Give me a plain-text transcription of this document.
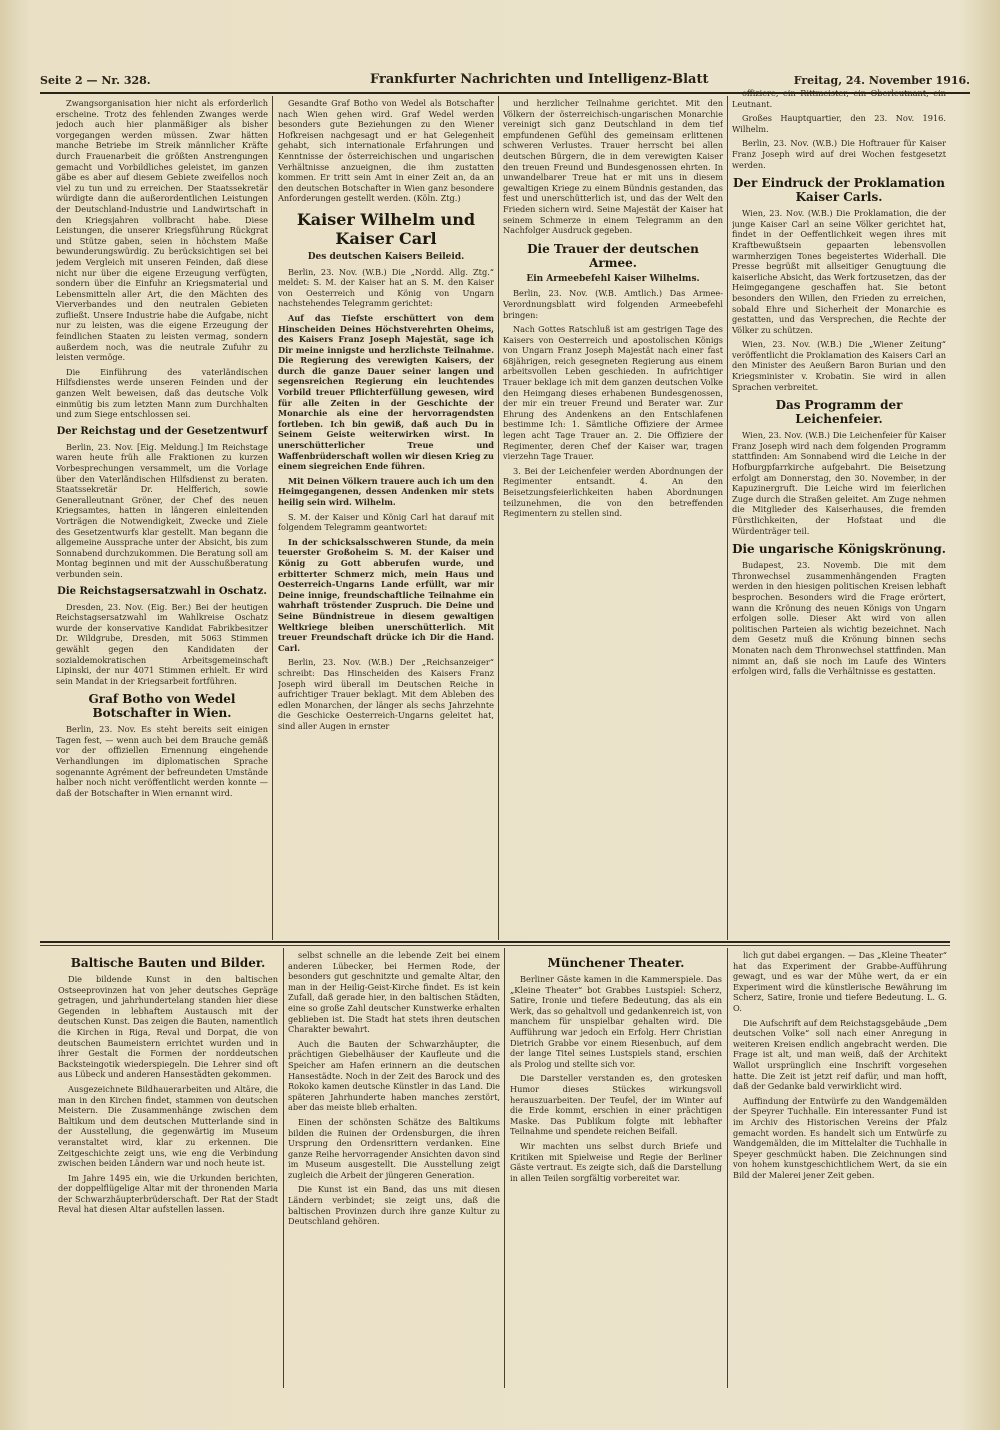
Seite 2 — Nr. 328.	Frankfurter Nachrichten und Intelligenz-Blatt	Freitag, 24. November 1916.

Zwangsorganisation hier nicht als erforderlich erscheine. Trotz des fehlenden Zwanges werde jedoch auch hier planmäßiger als bisher vorgegangen werden müssen. Zwar hätten manche Betriebe im Streik männlicher Kräfte durch Frauenarbeit die größten Anstrengungen gemacht und Vorbildliches geleistet, im ganzen gäbe es aber auf diesem Gebiete zweifellos noch viel zu tun und zu erreichen. Der Staatssekretär würdigte dann die außerordentlichen Leistungen der Deutschland-Industrie und Landwirtschaft in den Kriegsjahren vollbracht habe. Diese Leistungen, die unserer Kriegsführung Rückgrat und Stütze gaben, seien in höchstem Maße bewunderungswürdig. Zu berücksichtigen sei bei jedem Vergleich mit unseren Feinden, daß diese nicht nur über die eigene Erzeugung verfügten, sondern über die Einfuhr an Kriegsmaterial und Lebensmitteln aller Art, die den Mächten des Vierverbandes und den neutralen Gebieten zufließt. Unsere Industrie habe die Aufgabe, nicht nur zu leisten, was die eigene Erzeugung der feindlichen Staaten zu leisten vermag, sondern außerdem noch, was die neutrale Zufuhr zu leisten vermöge.

Die Einführung des vaterländischen Hilfsdienstes werde unseren Feinden und der ganzen Welt beweisen, daß das deutsche Volk einmütig bis zum letzten Mann zum Durchhalten und zum Siege entschlossen sei.

Der Reichstag und der Gesetzentwurf

Berlin, 23. Nov. [Eig. Meldung.] Im Reichstage waren heute früh alle Fraktionen zu kurzen Vorbesprechungen versammelt, um die Vorlage über den Vaterländischen Hilfsdienst zu beraten. Staatssekretär Dr. Helfferich, sowie Generalleutnant Gröner, der Chef des neuen Kriegsamtes, hatten in längeren einleitenden Vorträgen die Notwendigkeit, Zwecke und Ziele des Gesetzentwurfs klar gestellt. Man begann die allgemeine Aussprache unter der Absicht, bis zum Sonnabend durchzukommen. Die Beratung soll am Montag beginnen und mit der Ausschußberatung verbunden sein.

Die Reichstagsersatzwahl in Oschatz.

Dresden, 23. Nov. (Eig. Ber.) Bei der heutigen Reichstagsersatzwahl im Wahlkreise Oschatz wurde der konservative Kandidat Fabrikbesitzer Dr. Wildgrube, Dresden, mit 5063 Stimmen gewählt gegen den Kandidaten der sozialdemokratischen Arbeitsgemeinschaft Lipinski, der nur 4071 Stimmen erhielt. Er wird sein Mandat in der Kriegsarbeit fortführen.

Graf Botho von Wedel Botschafter in Wien.

Berlin, 23. Nov. Es steht bereits seit einigen Tagen fest, — wenn auch bei dem Brauche gemäß vor der offiziellen Ernennung eingehende Verhandlungen im diplomatischen Sprache sogenannte Agrément der befreundeten Umstände halber noch nicht veröffentlicht werden konnte — daß der Botschafter in Wien ernannt wird.

Gesandte Graf Botho von Wedel als Botschafter nach Wien gehen wird. Graf Wedel werden besonders gute Beziehungen zu den Wiener Hofkreisen nachgesagt und er hat Gelegenheit gehabt, sich internationale Erfahrungen und Kenntnisse der österreichischen und ungarischen Verhältnisse anzueignen, die ihm zustatten kommen. Er tritt sein Amt in einer Zeit an, da an den deutschen Botschafter in Wien ganz besondere Anforderungen gestellt werden. (Köln. Ztg.)

Kaiser Wilhelm und Kaiser Carl
Des deutschen Kaisers Beileid.

Berlin, 23. Nov. (W.B.) Die „Nordd. Allg. Ztg.“ meldet: S. M. der Kaiser hat an S. M. den Kaiser von Oesterreich und König von Ungarn nachstehendes Telegramm gerichtet:

Auf das Tiefste erschüttert von dem Hinscheiden Deines Höchstverehrten Oheims, des Kaisers Franz Joseph Majestät, sage ich Dir meine innigste und herzlichste Teilnahme. Die Regierung des verewigten Kaisers, der durch die ganze Dauer seiner langen und segensreichen Regierung ein leuchtendes Vorbild treuer Pflichterfüllung gewesen, wird für alle Zeiten in der Geschichte der Monarchie als eine der hervorragendsten fortleben. Ich bin gewiß, daß auch Du in Seinem Geiste weiterwirken wirst. In unerschütterlicher Treue und Waffenbrüderschaft wollen wir diesen Krieg zu einem siegreichen Ende führen.

Mit Deinen Völkern trauere auch ich um den Heimgegangenen, dessen Andenken mir stets heilig sein wird. Wilhelm.

S. M. der Kaiser und König Carl hat darauf mit folgendem Telegramm geantwortet:

In der schicksalsschweren Stunde, da mein teuerster Großoheim S. M. der Kaiser und König zu Gott abberufen wurde, und erbitterter Schmerz mich, mein Haus und Oesterreich-Ungarns Lande erfüllt, war mir Deine innige, freundschaftliche Teilnahme ein wahrhaft tröstender Zuspruch. Die Deine und Seine Bündnistreue in diesem gewaltigen Weltkriege bleiben unerschütterlich. Mit treuer Freundschaft drücke ich Dir die Hand. Carl.

Berlin, 23. Nov. (W.B.) Der „Reichsanzeiger“ schreibt: Das Hinscheiden des Kaisers Franz Joseph wird überall im Deutschen Reiche in aufrichtiger Trauer beklagt. Mit dem Ableben des edlen Monarchen, der länger als sechs Jahrzehnte die Geschicke Oesterreich-Ungarns geleitet hat, sind aller Augen in ernster

und herzlicher Teilnahme gerichtet. Mit den Völkern der österreichisch-ungarischen Monarchie vereinigt sich ganz Deutschland in dem tief empfundenen Gefühl des gemeinsam erlittenen schweren Verlustes. Trauer herrscht bei allen deutschen Bürgern, die in dem verewigten Kaiser den treuen Freund und Bundesgenossen ehrten. In unwandelbarer Treue hat er mit uns in diesem gewaltigen Kriege zu einem Bündnis gestanden, das fest und unerschütterlich ist, und das der Welt den Frieden sichern wird. Seine Majestät der Kaiser hat seinem Schmerze in einem Telegramm an den Nachfolger Ausdruck gegeben.

Die Trauer der deutschen Armee.
Ein Armeebefehl Kaiser Wilhelms.

Berlin, 23. Nov. (W.B. Amtlich.) Das Armee-Verordnungsblatt wird folgenden Armeebefehl bringen:

Nach Gottes Ratschluß ist am gestrigen Tage des Kaisers von Oesterreich und apostolischen Königs von Ungarn Franz Joseph Majestät nach einer fast 68jährigen, reich gesegneten Regierung aus einem arbeitsvollen Leben geschieden. In aufrichtiger Trauer beklage ich mit dem ganzen deutschen Volke den Heimgang dieses erhabenen Bundesgenossen, der mir ein treuer Freund und Berater war. Zur Ehrung des Andenkens an den Entschlafenen bestimme Ich: 1. Sämtliche Offiziere der Armee legen acht Tage Trauer an. 2. Die Offiziere der Regimenter, deren Chef der Kaiser war, tragen vierzehn Tage Trauer.

3. Bei der Leichenfeier werden Abordnungen der Regimenter entsandt. 4. An den Beisetzungsfeierlichkeiten haben Abordnungen teilzunehmen, die von den betreffenden Regimentern zu stellen sind.

offiziere, ein Rittmeister, ein Oberleutnant, ein Leutnant.

Großes Hauptquartier, den 23. Nov. 1916. Wilhelm.

Berlin, 23. Nov. (W.B.) Die Hoftrauer für Kaiser Franz Joseph wird auf drei Wochen festgesetzt werden.

Der Eindruck der Proklamation Kaiser Carls.

Wien, 23. Nov. (W.B.) Die Proklamation, die der junge Kaiser Carl an seine Völker gerichtet hat, findet in der Oeffentlichkeit wegen ihres mit Kraftbewußtsein gepaarten lebensvollen warmherzigen Tones begeistertes Widerhall. Die Presse begrüßt mit allseitiger Genugtuung die kaiserliche Absicht, das Werk fortzusetzen, das der Heimgegangene geschaffen hat. Sie betont besonders den Willen, den Frieden zu erreichen, sobald Ehre und Sicherheit der Monarchie es gestatten, und das Versprechen, die Rechte der Völker zu schützen.

Wien, 23. Nov. (W.B.) Die „Wiener Zeitung“ veröffentlicht die Proklamation des Kaisers Carl an den Minister des Aeußern Baron Burian und den Kriegsminister v. Krobatin. Sie wird in allen Sprachen verbreitet.

Das Programm der Leichenfeier.

Wien, 23. Nov. (W.B.) Die Leichenfeier für Kaiser Franz Joseph wird nach dem folgenden Programm stattfinden: Am Sonnabend wird die Leiche in der Hofburgpfarrkirche aufgebahrt. Die Beisetzung erfolgt am Donnerstag, den 30. November, in der Kapuzinergruft. Die Leiche wird im feierlichen Zuge durch die Straßen geleitet. Am Zuge nehmen die Mitglieder des Kaiserhauses, die fremden Fürstlichkeiten, der Hofstaat und die Würdenträger teil.

Die ungarische Königskrönung.

Budapest, 23. Novemb. Die mit dem Thronwechsel zusammenhängenden Fragten werden in den hiesigen politischen Kreisen lebhaft besprochen. Besonders wird die Frage erörtert, wann die Krönung des neuen Königs von Ungarn erfolgen solle. Dieser Akt wird von allen politischen Parteien als wichtig bezeichnet. Nach dem Gesetz muß die Krönung binnen sechs Monaten nach dem Thronwechsel stattfinden. Man nimmt an, daß sie noch im Laufe des Winters erfolgen wird, falls die Verhältnisse es gestatten.

Baltische Bauten und Bilder.

Die bildende Kunst in den baltischen Ostseeprovinzen hat von jeher deutsches Gepräge getragen, und jahrhundertelang standen hier diese Gegenden in lebhaftem Austausch mit der deutschen Kunst. Das zeigen die Bauten, namentlich die Kirchen in Riga, Reval und Dorpat, die von deutschen Baumeistern errichtet wurden und in ihrer Gestalt die Formen der norddeutschen Backsteingotik wiederspiegeln. Die Lehrer sind oft aus Lübeck und anderen Hansestädten gekommen.

Ausgezeichnete Bildhauerarbeiten und Altäre, die man in den Kirchen findet, stammen von deutschen Meistern. Die Zusammenhänge zwischen dem Baltikum und dem deutschen Mutterlande sind in der Ausstellung, die gegenwärtig im Museum veranstaltet wird, klar zu erkennen. Die Zeitgeschichte zeigt uns, wie eng die Verbindung zwischen beiden Ländern war und noch heute ist.

Im Jahre 1495 ein, wie die Urkunden berichten, der doppelflügelige Altar mit der thronenden Maria der Schwarzhäupterbrüderschaft. Der Rat der Stadt Reval hat diesen Altar aufstellen lassen.

selbst schnelle an die lebende Zeit bei einem anderen Lübecker, bei Hermen Rode, der besonders gut geschnitzte und gemalte Altar, den man in der Heilig-Geist-Kirche findet. Es ist kein Zufall, daß gerade hier, in den baltischen Städten, eine so große Zahl deutscher Kunstwerke erhalten geblieben ist. Die Stadt hat stets ihren deutschen Charakter bewahrt.

Auch die Bauten der Schwarzhäupter, die prächtigen Giebelhäuser der Kaufleute und die Speicher am Hafen erinnern an die deutschen Hansestädte. Noch in der Zeit des Barock und des Rokoko kamen deutsche Künstler in das Land. Die späteren Jahrhunderte haben manches zerstört, aber das meiste blieb erhalten.

Einen der schönsten Schätze des Baltikums bilden die Ruinen der Ordensburgen, die ihren Ursprung den Ordensrittern verdanken. Eine ganze Reihe hervorragender Ansichten davon sind im Museum ausgestellt. Die Ausstellung zeigt zugleich die Arbeit der jüngeren Generation.

Die Kunst ist ein Band, das uns mit diesen Ländern verbindet; sie zeigt uns, daß die baltischen Provinzen durch ihre ganze Kultur zu Deutschland gehören.

Münchener Theater.

Berliner Gäste kamen in die Kammerspiele. Das „Kleine Theater“ bot Grabbes Lustspiel: Scherz, Satire, Ironie und tiefere Bedeutung, das als ein Werk, das so gehaltvoll und gedankenreich ist, von manchem für unspielbar gehalten wird. Die Aufführung war jedoch ein Erfolg. Herr Christian Dietrich Grabbe vor einem Riesenbuch, auf dem der lange Titel seines Lustspiels stand, erschien als Prolog und stellte sich vor.

Die Darsteller verstanden es, den grotesken Humor dieses Stückes wirkungsvoll herauszuarbeiten. Der Teufel, der im Winter auf die Erde kommt, erschien in einer prächtigen Maske. Das Publikum folgte mit lebhafter Teilnahme und spendete reichen Beifall.

Wir machten uns selbst durch Briefe und Kritiken mit Spielweise und Regie der Berliner Gäste vertraut. Es zeigte sich, daß die Darstellung in allen Teilen sorgfältig vorbereitet war.

lich gut dabei ergangen. — Das „Kleine Theater“ hat das Experiment der Grabbe-Aufführung gewagt, und es war der Mühe wert, da er ein Experiment wird die künstlerische Bewährung im Scherz, Satire, Ironie und tiefere Bedeutung. L. G. O.

Die Aufschrift auf dem Reichstagsgebäude „Dem deutschen Volke“ soll nach einer Anregung in weiteren Kreisen endlich angebracht werden. Die Frage ist alt, und man weiß, daß der Architekt Wallot ursprünglich eine Inschrift vorgesehen hatte. Die Zeit ist jetzt reif dafür, und man hofft, daß der Gedanke bald verwirklicht wird.

Auffindung der Entwürfe zu den Wandgemälden der Speyrer Tuchhalle. Ein interessanter Fund ist im Archiv des Historischen Vereins der Pfalz gemacht worden. Es handelt sich um Entwürfe zu Wandgemälden, die im Mittelalter die Tuchhalle in Speyer geschmückt haben. Die Zeichnungen sind von hohem kunstgeschichtlichem Wert, da sie ein Bild der Malerei jener Zeit geben.
